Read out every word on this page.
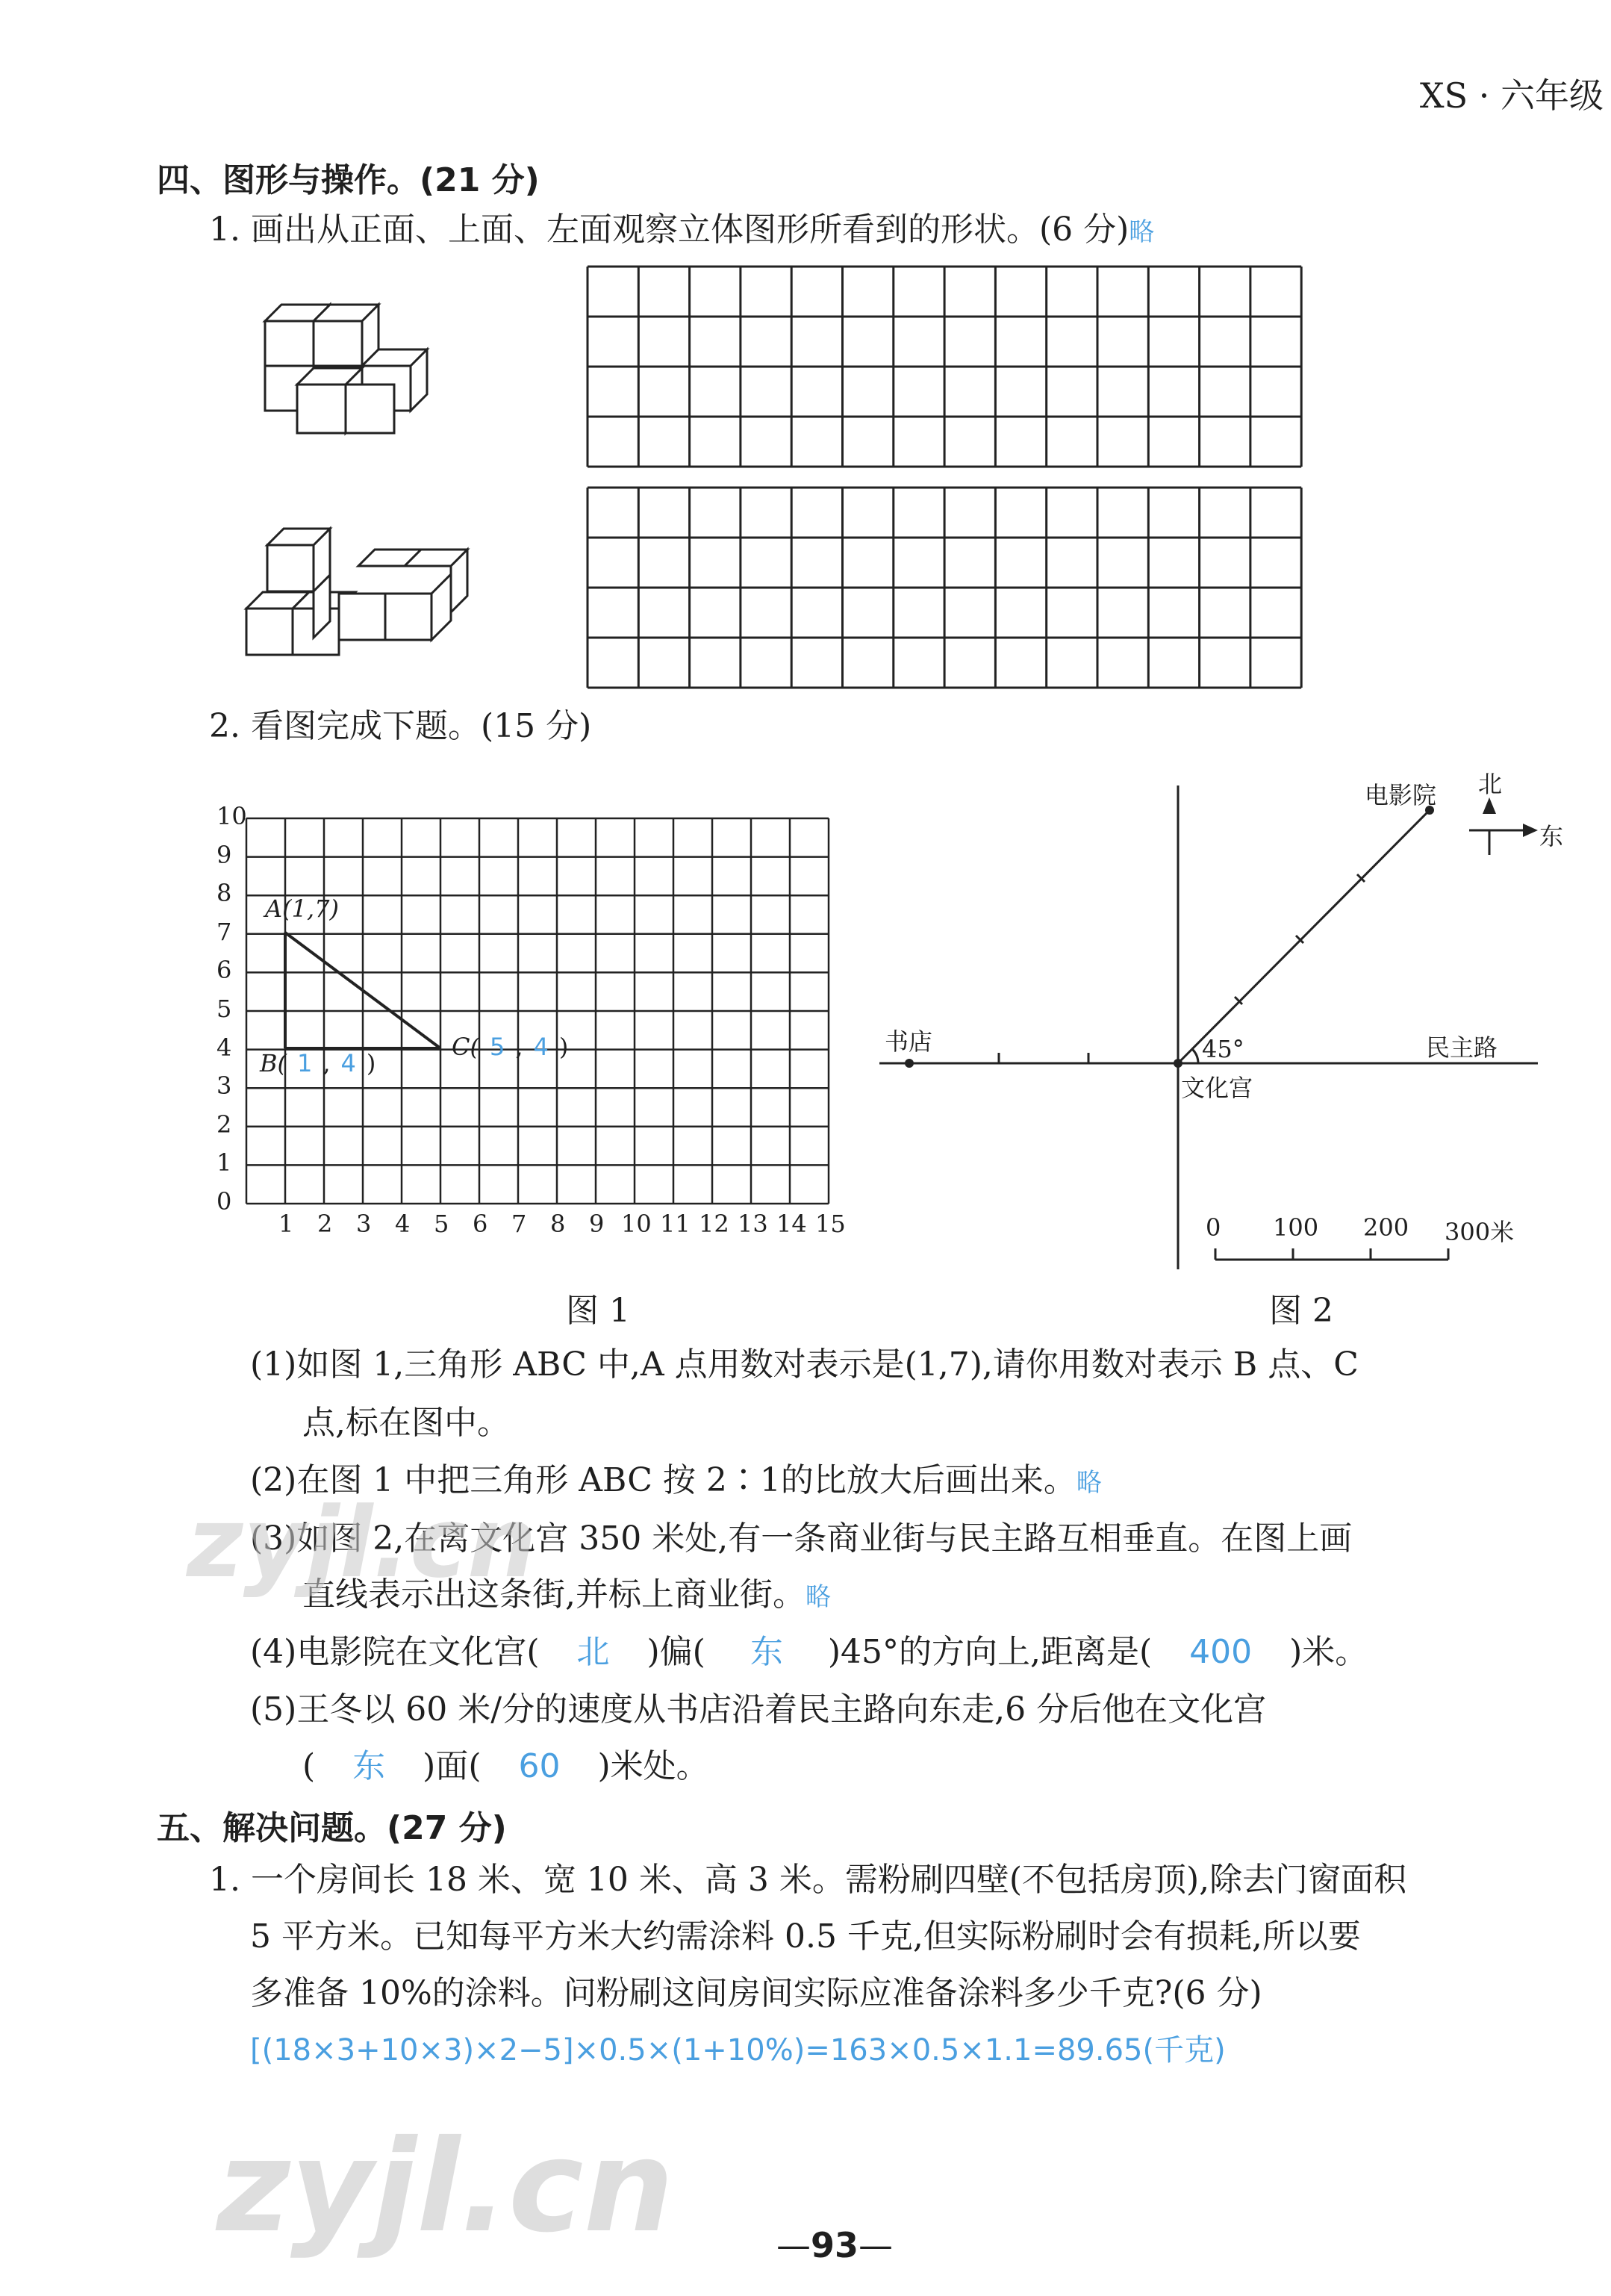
XS · 六年级
四、图形与操作。(21 分)
1. 画出从正面、上面、左面观察立体图形所看到的形状。(6 分)略
0
1
2
3
4
5
6
7
8
9
10
1 2 3 4 5 6 7 8 9 10 11 12 13 14 15
A(1,7)
B( 1 , 4 )
C( 5 , 4 )
图 1
电影院 北
东
书店	民主路
文化宫
45°
0 100 200 300米
图 2
2. 看图完成下题。(15 分)
(1)如图 1,三角形 ABC 中,A 点用数对表示是(1,7),请你用数对表示 B 点、C
点,标在图中。
(2)在图 1 中把三角形 ABC 按 2∶1的比放大后画出来。略
(3)如图 2,在离文化宫 350 米处,有一条商业街与民主路互相垂直。在图上画
直线表示出这条街,并标上商业街。略
(4)电影院在文化宫( 北 )偏( 东 )45°的方向上,距离是( 400 )米。
(5)王冬以 60 米/分的速度从书店沿着民主路向东走,6 分后他在文化宫
( 东 )面( 60 )米处。
五、解决问题。(27 分)
1. 一个房间长 18 米、宽 10 米、高 3 米。需粉刷四壁(不包括房顶),除去门窗面积
5 平方米。已知每平方米大约需涂料 0.5 千克,但实际粉刷时会有损耗,所以要
多准备 10%的涂料。问粉刷这间房间实际应准备涂料多少千克?(6 分)
[(18×3+10×3)×2−5]×0.5×(1+10%)=163×0.5×1.1=89.65(千克)
—93—
zyjl.cn
zyjl.cn
